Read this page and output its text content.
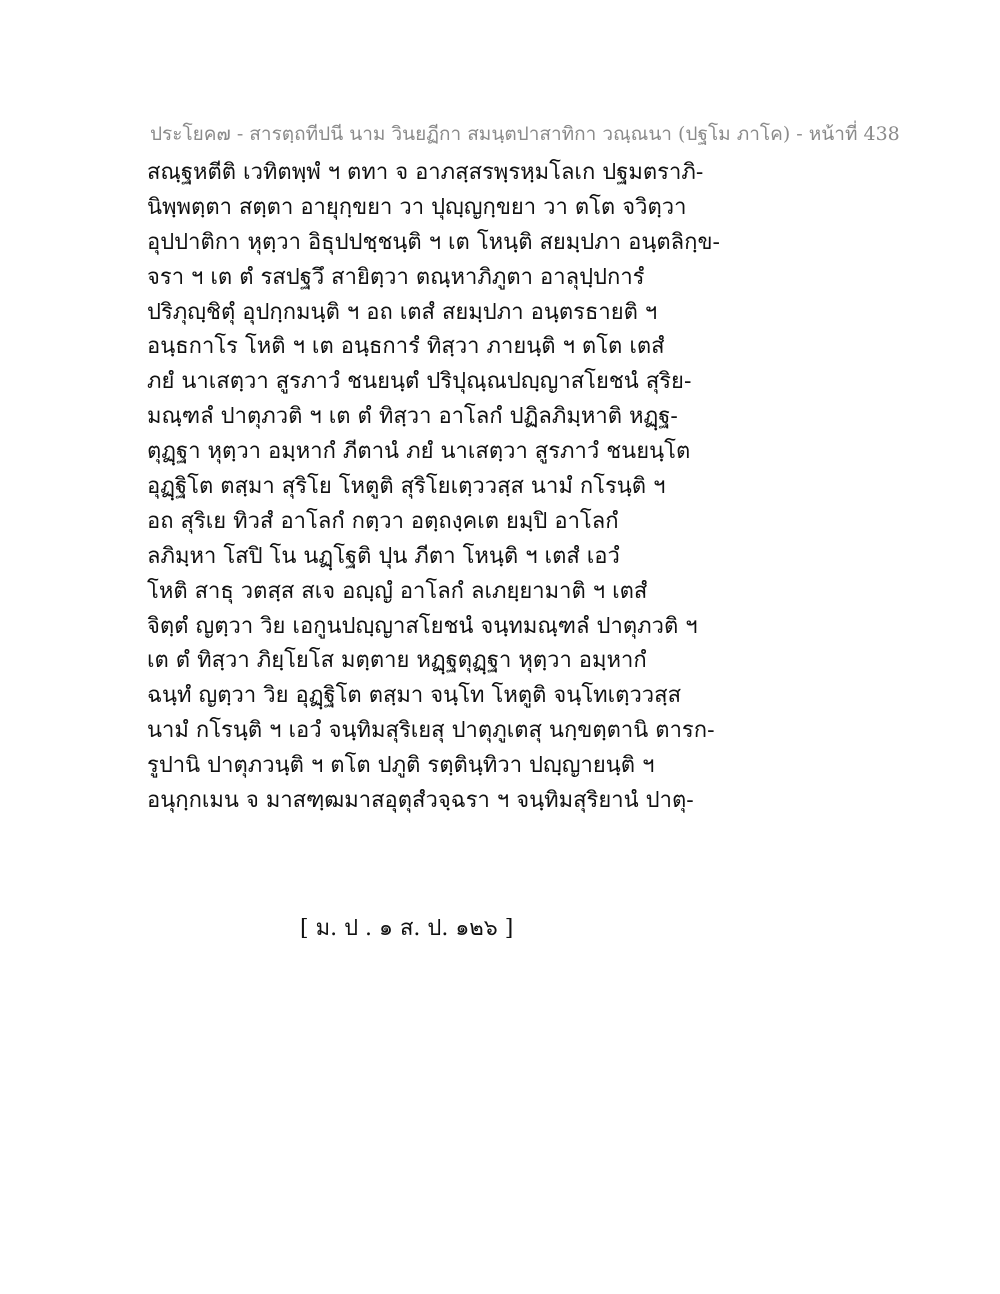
ประโยค๗ - สารตฺถทีปนี นาม วินยฏีกา สมนฺตปาสาทิกา วณฺณนา (ปฐโม ภาโค) - หน้าที่ 438
สณฺฐหตีติ เวทิตพฺพํ ฯ ตทา จ อาภสฺสรพฺรหฺมโลเก ปฐมตราภิ-
นิพฺพตฺตา สตฺตา อายุกฺขยา วา ปุญฺญกฺขยา วา ตโต จวิตฺวา
อุปปาติกา หุตฺวา อิธุปปชฺชนฺติ ฯ เต โหนฺติ สยมฺปภา อนฺตลิกฺข-
จรา ฯ เต ตํ รสปฐวึ สายิตฺวา ตณฺหาภิภูตา อาลุปฺปการํ
ปริภุญฺชิตุํ อุปกฺกมนฺติ ฯ อถ เตสํ สยมฺปภา อนฺตรธายติ ฯ
อนฺธกาโร โหติ ฯ เต อนฺธการํ ทิสฺวา ภายนฺติ ฯ ตโต เตสํ
ภยํ นาเสตฺวา สูรภาวํ ชนยนฺตํ ปริปุณฺณปญฺญาสโยชนํ สุริย-
มณฺฑลํ ปาตุภวติ ฯ เต ตํ ทิสฺวา อาโลกํ ปฏิลภิมฺหาติ หฏฺฐ-
ตุฏฺฐา หุตฺวา อมฺหากํ ภีตานํ ภยํ นาเสตฺวา สูรภาวํ ชนยนฺโต
อุฏฺฐิโต ตสฺมา สุริโย โหตูติ สุริโยเตฺววสฺส นามํ กโรนฺติ ฯ
อถ สุริเย ทิวสํ อาโลกํ กตฺวา อตฺถงฺคเต ยมฺปิ อาโลกํ
ลภิมฺหา โสปิ โน นฏฺโฐติ ปุน ภีตา โหนฺติ ฯ เตสํ เอวํ
โหติ สาธุ วตสฺส สเจ อญฺญํ อาโลกํ ลเภยฺยามาติ ฯ เตสํ
จิตฺตํ ญตฺวา วิย เอกูนปญฺญาสโยชนํ จนฺทมณฺฑลํ ปาตุภวติ ฯ
เต ตํ ทิสฺวา ภิยฺโยโส มตฺตาย หฏฺฐตุฏฺฐา หุตฺวา อมฺหากํ
ฉนฺทํ ญตฺวา วิย อุฏฺฐิโต ตสฺมา จนฺโท โหตูติ จนฺโทเตฺววสฺส
นามํ กโรนฺติ ฯ เอวํ จนฺทิมสุริเยสุ ปาตุภูเตสุ นกฺขตฺตานิ ตารก-
รูปานิ ปาตุภวนฺติ ฯ ตโต ปภูติ รตฺตินฺทิวา ปญฺญายนฺติ ฯ
อนุกฺกเมน จ มาสฑฺฒมาสอุตุสํวจฺฉรา ฯ จนฺทิมสุริยานํ ปาตุ-
[ ม. ป . ๑ ส. ป. ๑๒๖ ]
